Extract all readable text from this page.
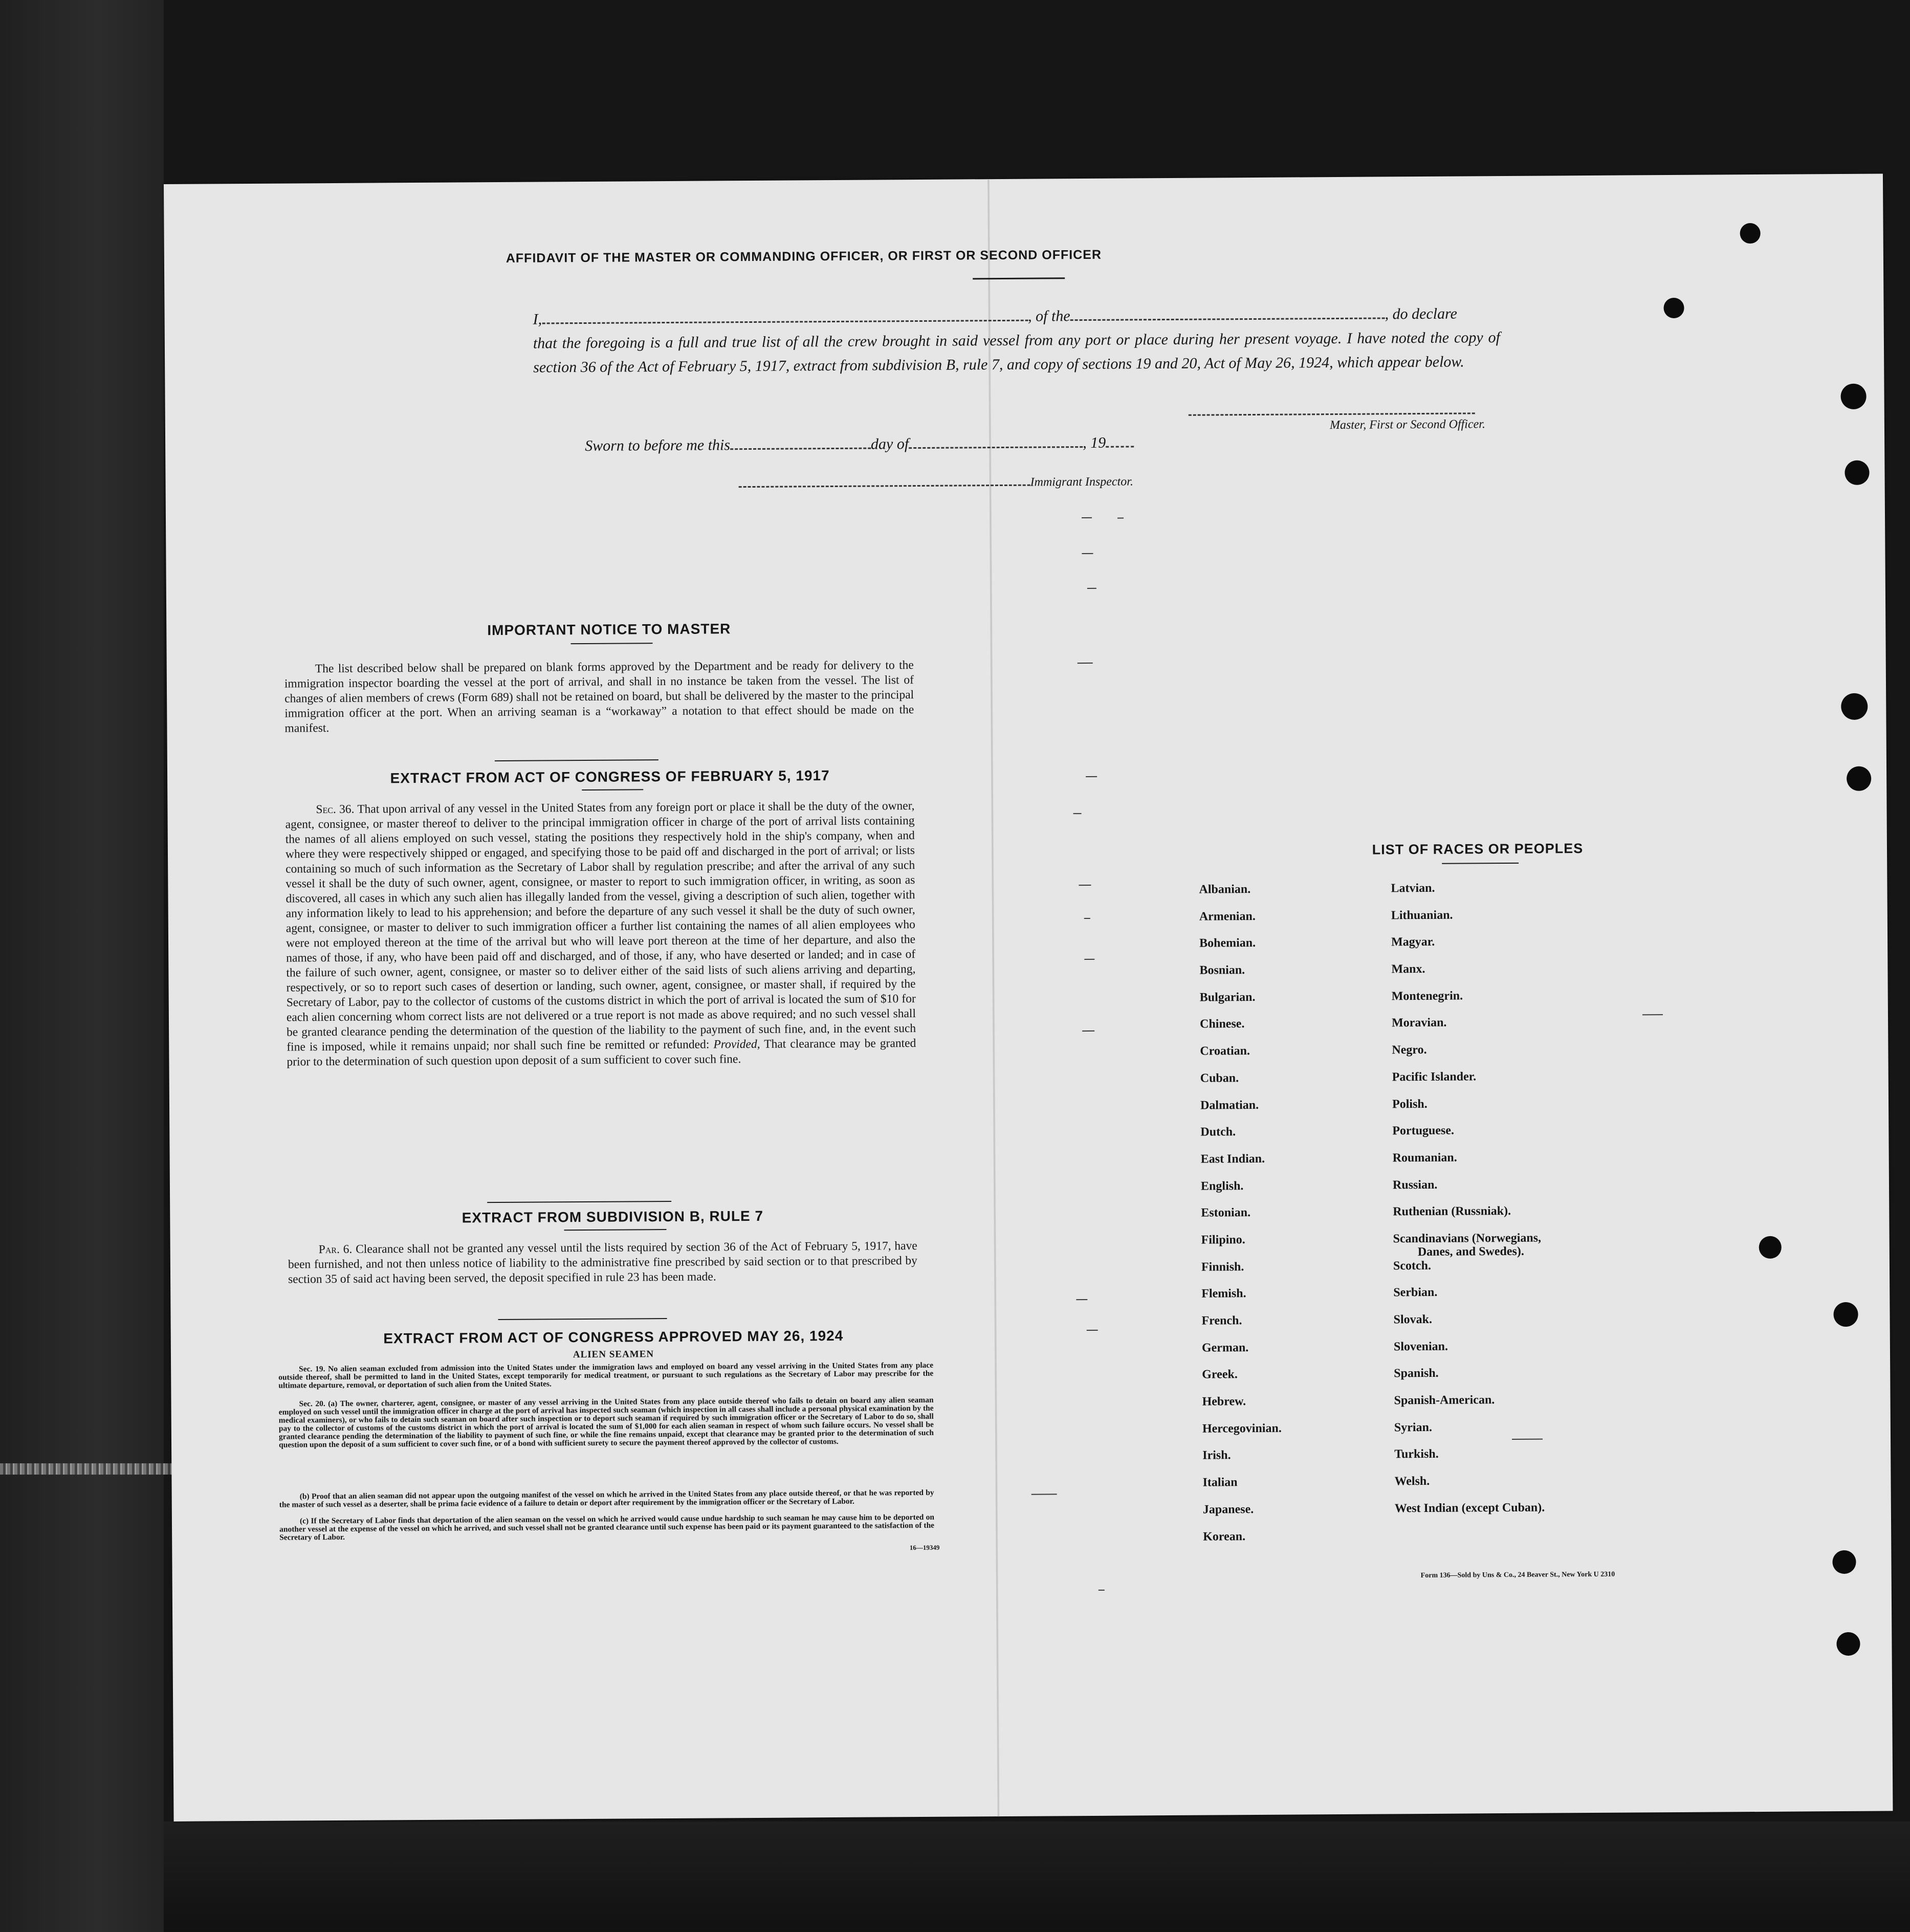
AFFIDAVIT OF THE MASTER OR COMMANDING OFFICER, OR FIRST OR SECOND OFFICER
I,	, of the	, do declare
that the foregoing is a full and true list of all the crew brought in said vessel from any port or place during her present voyage. I have noted the copy of section 36 of the Act of February 5, 1917, extract from subdivision B, rule 7, and copy of sections 19 and 20, Act of May 26, 1924, which appear below.
Master, First or Second Officer.
Sworn to before me this	day of	, 19
Immigrant Inspector.
IMPORTANT NOTICE TO MASTER
The list described below shall be prepared on blank forms approved by the Department and be ready for delivery to the immigration inspector boarding the vessel at the port of arrival, and shall in no instance be taken from the vessel. The list of changes of alien members of crews (Form 689) shall not be retained on board, but shall be delivered by the master to the principal immigration officer at the port. When an arriving seaman is a “workaway” a notation to that effect should be made on the manifest.
EXTRACT FROM ACT OF CONGRESS OF FEBRUARY 5, 1917
Sec. 36. That upon arrival of any vessel in the United States from any foreign port or place it shall be the duty of the owner, agent, consignee, or master thereof to deliver to the principal immigration officer in charge of the port of arrival lists containing the names of all aliens employed on such vessel, stating the positions they respectively hold in the ship's company, when and where they were respectively shipped or engaged, and specifying those to be paid off and discharged in the port of arrival; or lists containing so much of such information as the Secretary of Labor shall by regulation prescribe; and after the arrival of any such vessel it shall be the duty of such owner, agent, consignee, or master to report to such immigration officer, in writing, as soon as discovered, all cases in which any such alien has illegally landed from the vessel, giving a description of such alien, together with any information likely to lead to his apprehension; and before the departure of any such vessel it shall be the duty of such owner, agent, consignee, or master to deliver to such immigration officer a further list containing the names of all alien employees who were not employed thereon at the time of the arrival but who will leave port thereon at the time of her departure, and also the names of those, if any, who have been paid off and discharged, and of those, if any, who have deserted or landed; and in case of the failure of such owner, agent, consignee, or master so to deliver either of the said lists of such aliens arriving and departing, respectively, or so to report such cases of desertion or landing, such owner, agent, consignee, or master shall, if required by the Secretary of Labor, pay to the collector of customs of the customs district in which the port of arrival is located the sum of $10 for each alien concerning whom correct lists are not delivered or a true report is not made as above required; and no such vessel shall be granted clearance pending the determination of the question of the liability to the payment of such fine, and, in the event such fine is imposed, while it remains unpaid; nor shall such fine be remitted or refunded: Provided, That clearance may be granted prior to the determination of such question upon deposit of a sum sufficient to cover such fine.
EXTRACT FROM SUBDIVISION B, RULE 7
Par. 6. Clearance shall not be granted any vessel until the lists required by section 36 of the Act of February 5, 1917, have been furnished, and not then unless notice of liability to the administrative fine prescribed by said section or to that prescribed by section 35 of said act having been served, the deposit specified in rule 23 has been made.
EXTRACT FROM ACT OF CONGRESS APPROVED MAY 26, 1924
ALIEN SEAMEN
Sec. 19. No alien seaman excluded from admission into the United States under the immigration laws and employed on board any vessel arriving in the United States from any place outside thereof, shall be permitted to land in the United States, except temporarily for medical treatment, or pursuant to such regulations as the Secretary of Labor may prescribe for the ultimate departure, removal, or deportation of such alien from the United States.
Sec. 20. (a) The owner, charterer, agent, consignee, or master of any vessel arriving in the United States from any place outside thereof who fails to detain on board any alien seaman employed on such vessel until the immigration officer in charge at the port of arrival has inspected such seaman (which inspection in all cases shall include a personal physical examination by the medical examiners), or who fails to detain such seaman on board after such inspection or to deport such seaman if required by such immigration officer or the Secretary of Labor to do so, shall pay to the collector of customs of the customs district in which the port of arrival is located the sum of $1,000 for each alien seaman in respect of whom such failure occurs. No vessel shall be granted clearance pending the determination of the liability to payment of such fine, or while the fine remains unpaid, except that clearance may be granted prior to the determination of such question upon the deposit of a sum sufficient to cover such fine, or of a bond with sufficient surety to secure the payment thereof approved by the collector of customs.
(b) Proof that an alien seaman did not appear upon the outgoing manifest of the vessel on which he arrived in the United States from any place outside thereof, or that he was reported by the master of such vessel as a deserter, shall be prima facie evidence of a failure to detain or deport after requirement by the immigration officer or the Secretary of Labor.
(c) If the Secretary of Labor finds that deportation of the alien seaman on the vessel on which he arrived would cause undue hardship to such seaman he may cause him to be deported on another vessel at the expense of the vessel on which he arrived, and such vessel shall not be granted clearance until such expense has been paid or its payment guaranteed to the satisfaction of the Secretary of Labor.
16—19349
LIST OF RACES OR PEOPLES
Albanian.
Armenian.
Bohemian.
Bosnian.
Bulgarian.
Chinese.
Croatian.
Cuban.
Dalmatian.
Dutch.
East Indian.
English.
Estonian.
Filipino.
Finnish.
Flemish.
French.
German.
Greek.
Hebrew.
Hercegovinian.
Irish.
Italian
Japanese.
Korean.
Latvian.
Lithuanian.
Magyar.
Manx.
Montenegrin.
Moravian.
Negro.
Pacific Islander.
Polish.
Portuguese.
Roumanian.
Russian.
Ruthenian (Russniak).
Scandinavians (Norwegians,
Danes, and Swedes).
Scotch.
Serbian.
Slovak.
Slovenian.
Spanish.
Spanish-American.
Syrian.
Turkish.
Welsh.
West Indian (except Cuban).
Form 136—Sold by Uns & Co., 24 Beaver St., New York U 2310
